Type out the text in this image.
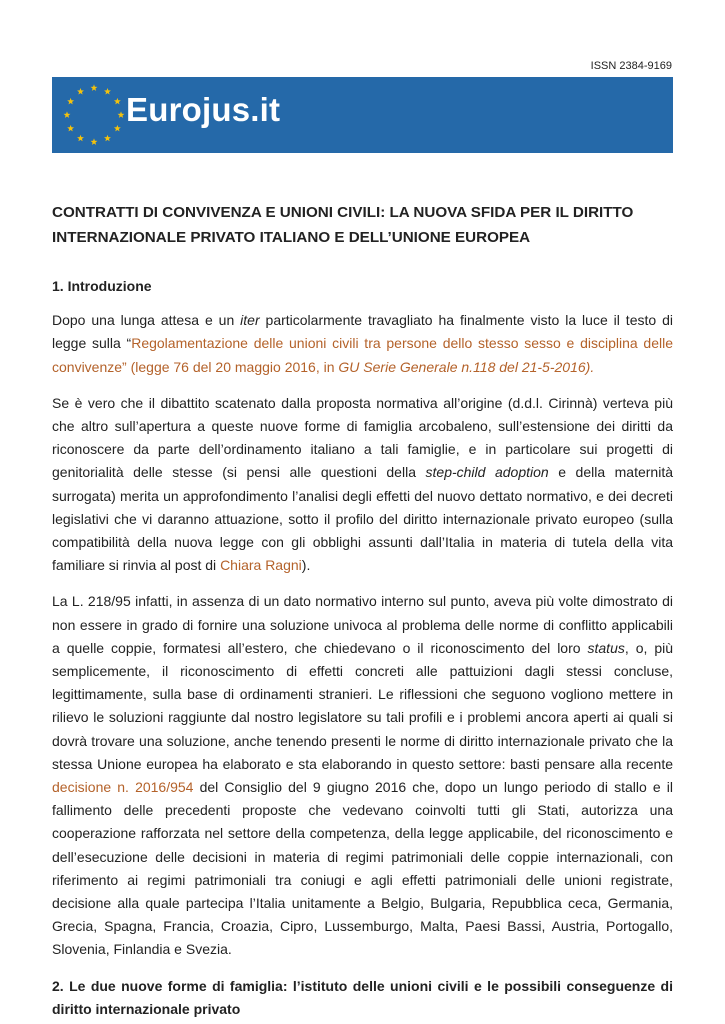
ISSN 2384-9169
Eurojus.it
CONTRATTI DI CONVIVENZA E UNIONI CIVILI: LA NUOVA SFIDA PER IL DIRITTO INTERNAZIONALE PRIVATO ITALIANO E DELL’UNIONE EUROPEA

1. Introduzione

Dopo una lunga attesa e un iter particolarmente travagliato ha finalmente visto la luce il testo di legge sulla “Regolamentazione delle unioni civili tra persone dello stesso sesso e disciplina delle convivenze” (legge 76 del 20 maggio 2016, in GU Serie Generale n.118 del 21-5-2016).

Se è vero che il dibattito scatenato dalla proposta normativa all’origine (d.d.l. Cirinnà) verteva più che altro sull’apertura a queste nuove forme di famiglia arcobaleno, sull’estensione dei diritti da riconoscere da parte dell’ordinamento italiano a tali famiglie, e in particolare sui progetti di genitorialità delle stesse (si pensi alle questioni della step-child adoption e della maternità surrogata) merita un approfondimento l’analisi degli effetti del nuovo dettato normativo, e dei decreti legislativi che vi daranno attuazione, sotto il profilo del diritto internazionale privato europeo (sulla compatibilità della nuova legge con gli obblighi assunti dall’Italia in materia di tutela della vita familiare si rinvia al post di Chiara Ragni).

La L. 218/95 infatti, in assenza di un dato normativo interno sul punto, aveva più volte dimostrato di non essere in grado di fornire una soluzione univoca al problema delle norme di conflitto applicabili a quelle coppie, formatesi all’estero, che chiedevano o il riconoscimento del loro status, o, più semplicemente, il riconoscimento di effetti concreti alle pattuizioni dagli stessi concluse, legittimamente, sulla base di ordinamenti stranieri. Le riflessioni che seguono vogliono mettere in rilievo le soluzioni raggiunte dal nostro legislatore su tali profili e i problemi ancora aperti ai quali si dovrà trovare una soluzione, anche tenendo presenti le norme di diritto internazionale privato che la stessa Unione europea ha elaborato e sta elaborando in questo settore: basti pensare alla recente decisione n. 2016/954 del Consiglio del 9 giugno 2016 che, dopo un lungo periodo di stallo e il fallimento delle precedenti proposte che vedevano coinvolti tutti gli Stati, autorizza una cooperazione rafforzata nel settore della competenza, della legge applicabile, del riconoscimento e dell’esecuzione delle decisioni in materia di regimi patrimoniali delle coppie internazionali, con riferimento ai regimi patrimoniali tra coniugi e agli effetti patrimoniali delle unioni registrate, decisione alla quale partecipa l’Italia unitamente a Belgio, Bulgaria, Repubblica ceca, Germania, Grecia, Spagna, Francia, Croazia, Cipro, Lussemburgo, Malta, Paesi Bassi, Austria, Portogallo, Slovenia, Finlandia e Svezia.

2. Le due nuove forme di famiglia: l’istituto delle unioni civili e le possibili conseguenze di diritto internazionale privato
